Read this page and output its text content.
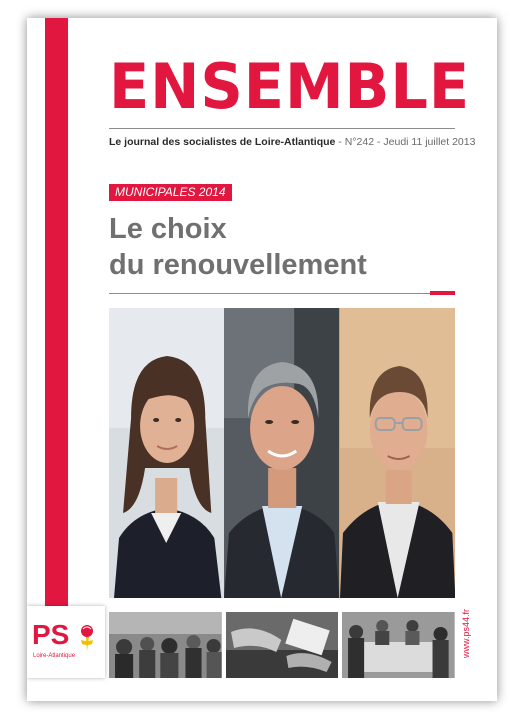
ENSEMBLE
Le journal des socialistes de Loire-Atlantique - N°242 - Jeudi 11 juillet 2013
MUNICIPALES 2014
Le choix
du renouvellement
PS
Loire-Atlantique	www.ps44.fr
